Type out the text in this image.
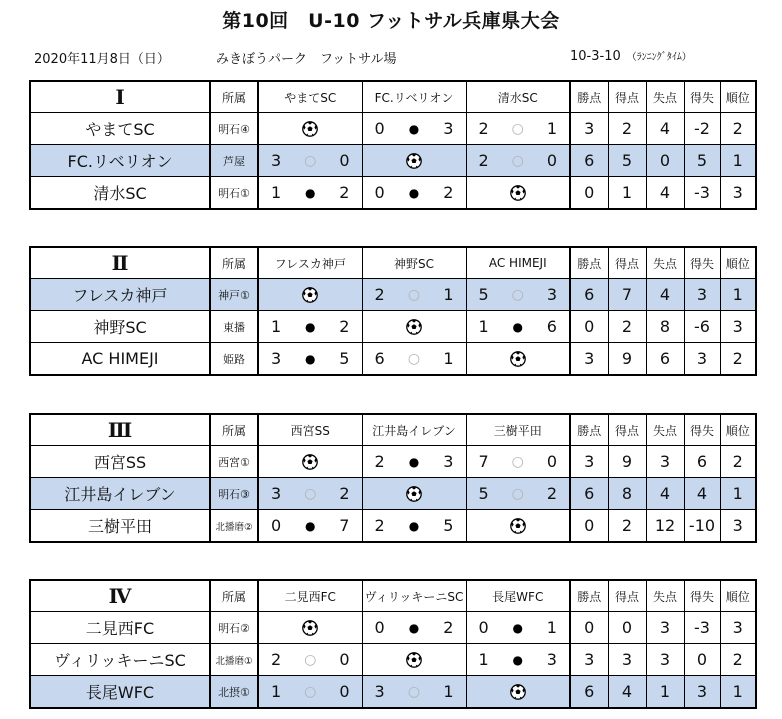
第10回　U-10 フットサル兵庫県大会
2020年11月8日（日）	みきぼうパーク　フットサル場	10-3-10 （ﾗﾝﾆﾝｸﾞﾀｲﾑ）
Ⅰ	所属	やまてSC	FC.リベリオン	清水SC	勝点	得点	失点	得失	順位
やまてSC	明石④		0 ● 3	2 ○ 1	3	2	4	-2	2
FC.リベリオン	芦屋	3 ○ 0		2 ○ 0	6	5	0	5	1
清水SC	明石①	1 ● 2	0 ● 2		0	1	4	-3	3
Ⅱ	所属	フレスカ神戸	神野SC	AC HIMEJI	勝点	得点	失点	得失	順位
フレスカ神戸	神戸①		2 ○ 1	5 ○ 3	6	7	4	3	1
神野SC	東播	1 ● 2		1 ● 6	0	2	8	-6	3
AC HIMEJI	姫路	3 ● 5	6 ○ 1		3	9	6	3	2
Ⅲ	所属	西宮SS	江井島イレブン	三樹平田	勝点	得点	失点	得失	順位
西宮SS	西宮①		2 ● 3	7 ○ 0	3	9	3	6	2
江井島イレブン	明石③	3 ○ 2		5 ○ 2	6	8	4	4	1
三樹平田	北播磨②	0 ● 7	2 ● 5		0	2	12	-10	3
Ⅳ	所属	二見西FC	ヴィリッキーニSC	長尾WFC	勝点	得点	失点	得失	順位
二見西FC	明石②		0 ● 2	0 ● 1	0	0	3	-3	3
ヴィリッキーニSC	北播磨①	2 ○ 0		1 ● 3	3	3	3	0	2
長尾WFC	北摂①	1 ○ 0	3 ○ 1		6	4	1	3	1
